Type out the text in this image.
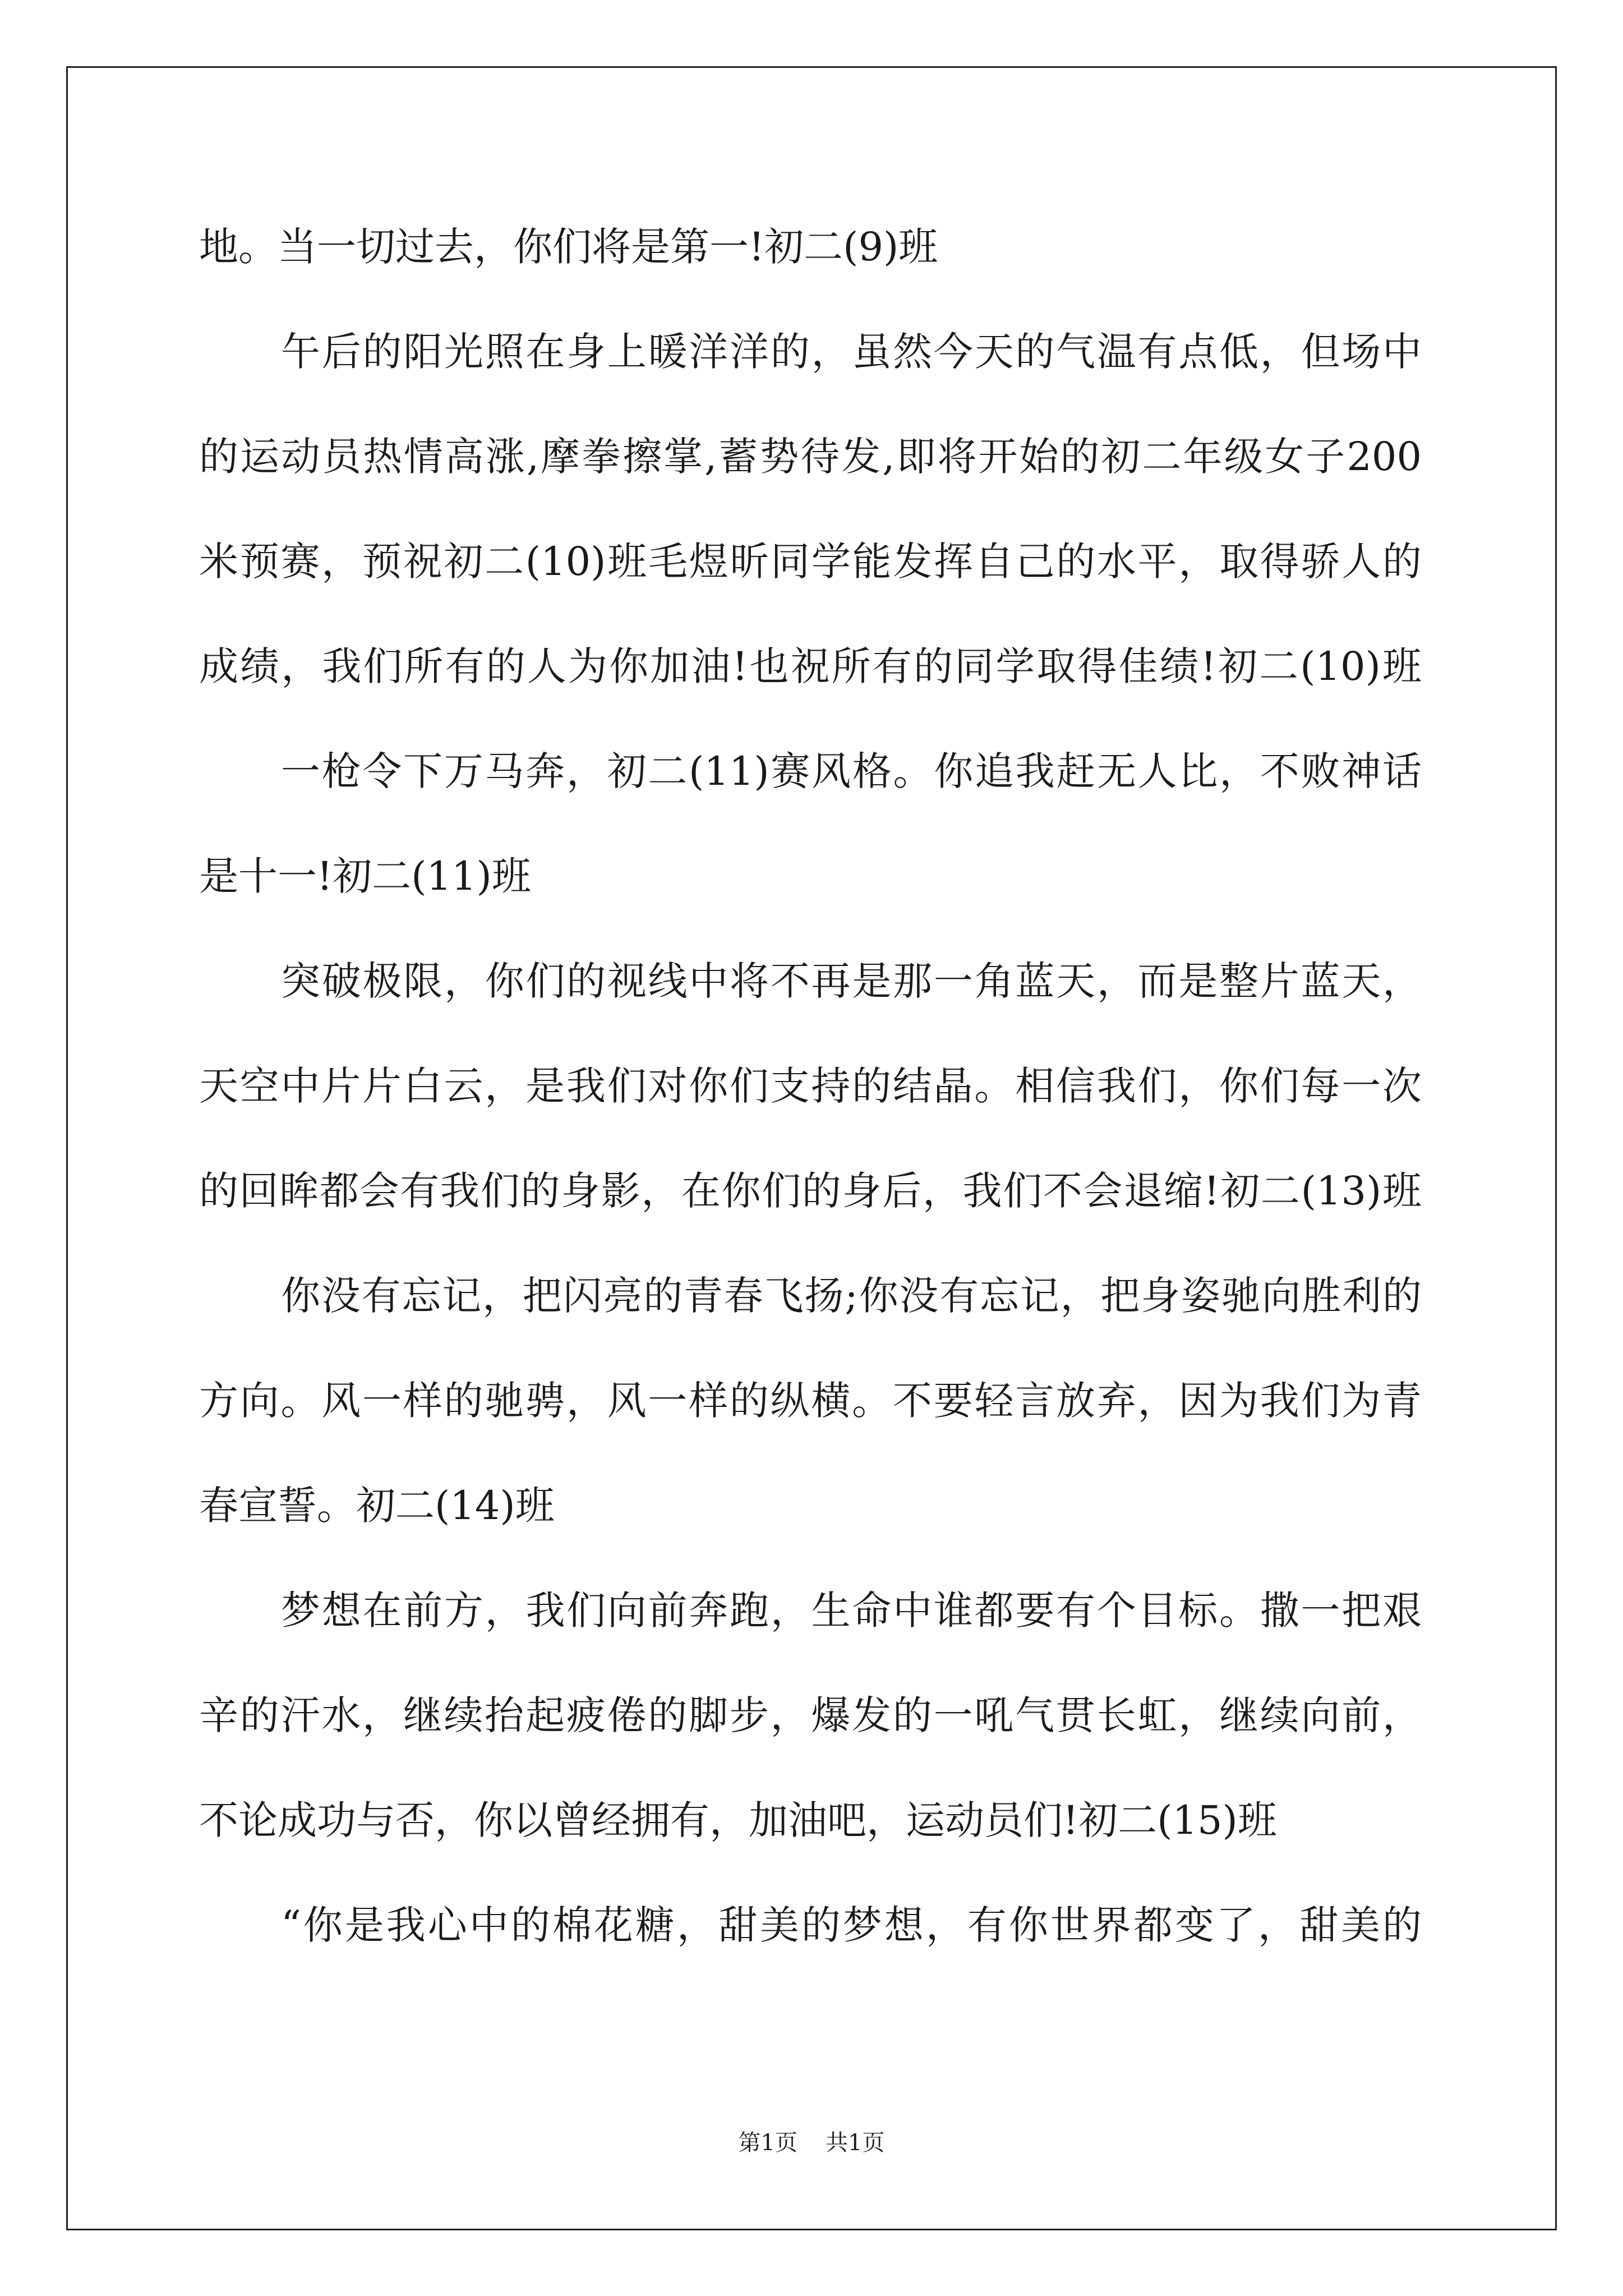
地。当一切过去，你们将是第一!初二(9)班
午后的阳光照在身上暖洋洋的，虽然今天的气温有点低，但场中
的运动员热情高涨,摩拳擦掌,蓄势待发,即将开始的初二年级女子200
米预赛，预祝初二(10)班毛煜昕同学能发挥自己的水平，取得骄人的
成绩，我们所有的人为你加油!也祝所有的同学取得佳绩!初二(10)班
一枪令下万马奔，初二(11)赛风格。你追我赶无人比，不败神话
是十一!初二(11)班
突破极限，你们的视线中将不再是那一角蓝天，而是整片蓝天，
天空中片片白云，是我们对你们支持的结晶。相信我们，你们每一次
的回眸都会有我们的身影，在你们的身后，我们不会退缩!初二(13)班
你没有忘记，把闪亮的青春飞扬;你没有忘记，把身姿驰向胜利的
方向。风一样的驰骋，风一样的纵横。不要轻言放弃，因为我们为青
春宣誓。初二(14)班
梦想在前方，我们向前奔跑，生命中谁都要有个目标。撒一把艰
辛的汗水，继续抬起疲倦的脚步，爆发的一吼气贯长虹，继续向前，
不论成功与否，你以曾经拥有，加油吧，运动员们!初二(15)班
“你是我心中的棉花糖，甜美的梦想，有你世界都变了，甜美的
第1页 共1页
